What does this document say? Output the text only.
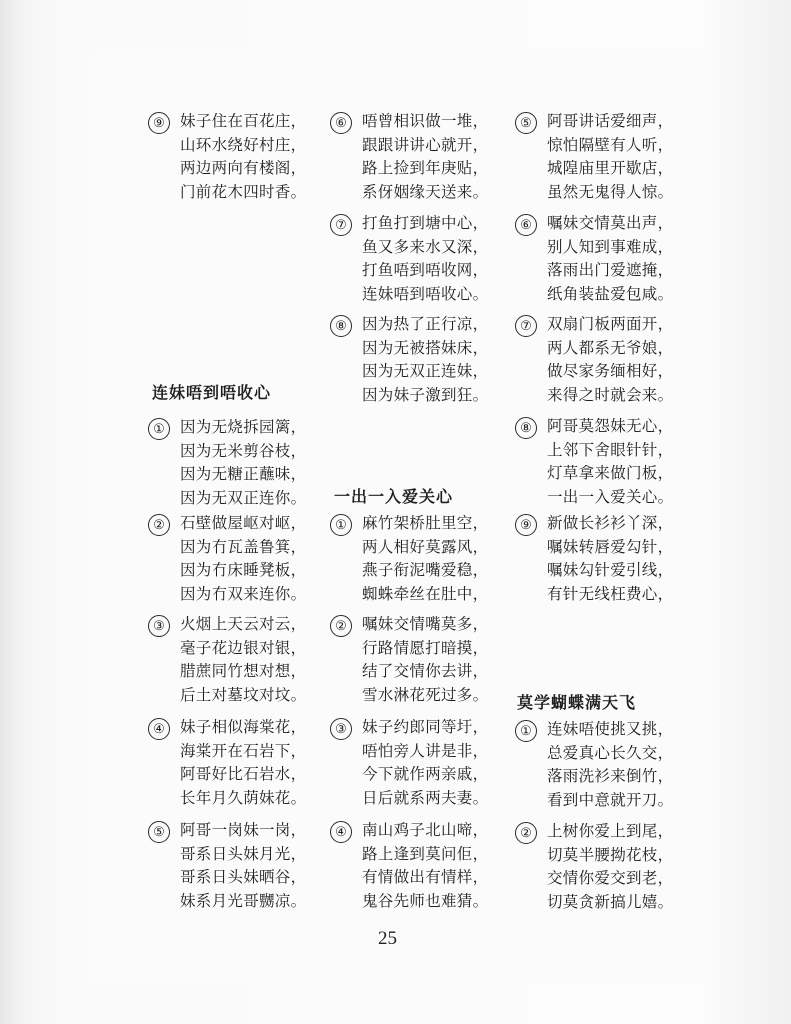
⑨ 妹子住在百花庄，
山环水绕好村庄，
两边两向有楼阁，
门前花木四时香。
连妹唔到唔收心
① 因为无烧拆园篱，
因为无米剪谷枝，
因为无糖正蘸味，
因为无双正连你。
② 石壁做屋岖对岖，
因为冇瓦盖鲁箕，
因为冇床睡凳板，
因为冇双来连你。
③ 火烟上天云对云，
毫子花边银对银，
腊蔗同竹想对想，
后土对墓坟对坟。
④ 妹子相似海棠花，
海棠开在石岩下，
阿哥好比石岩水，
长年月久荫妹花。
⑤ 阿哥一岗妹一岗，
哥系日头妹月光，
哥系日头妹晒谷，
妹系月光哥嬲凉。
⑥ 唔曾相识做一堆，
跟跟讲讲心就开，
路上捡到年庚贴，
系伢姻缘天送来。
⑦ 打鱼打到塘中心，
鱼又多来水又深，
打鱼唔到唔收网，
连妹唔到唔收心。
⑧ 因为热了正行凉，
因为无被搭妹床，
因为无双正连妹，
因为妹子激到狂。
一出一入爱关心
① 麻竹架桥肚里空，
两人相好莫露风，
燕子衔泥嘴爱稳，
蜘蛛牵丝在肚中，
② 嘱妹交情嘴莫多，
行路情愿打暗摸，
结了交情你去讲，
雪水淋花死过多。
③ 妹子约郎同等圩，
唔怕旁人讲是非，
今下就作两亲戚，
日后就系两夫妻。
④ 南山鸡子北山啼，
路上逢到莫问佢，
有情做出有情样，
鬼谷先师也难猜。
⑤ 阿哥讲话爱细声，
惊怕隔壁有人听，
城隍庙里开歇店，
虽然无鬼得人惊。
⑥ 嘱妹交情莫出声，
别人知到事难成，
落雨出门爱遮掩，
纸角装盐爱包咸。
⑦ 双扇门板两面开，
两人都系无爷娘，
做尽家务缅相好，
来得之时就会来。
⑧ 阿哥莫怨妹无心，
上邻下舍眼针针，
灯草拿来做门板，
一出一入爱关心。
⑨ 新做长衫衫丫深，
嘱妹转唇爱勾针，
嘱妹勾针爱引线，
有针无线枉费心，
莫学蝴蝶满天飞
① 连妹唔使挑又挑，
总爱真心长久交，
落雨洗衫来倒竹，
看到中意就开刀。
② 上树你爱上到尾，
切莫半腰拗花枝，
交情你爱交到老，
切莫贪新搞儿嬉。
25
